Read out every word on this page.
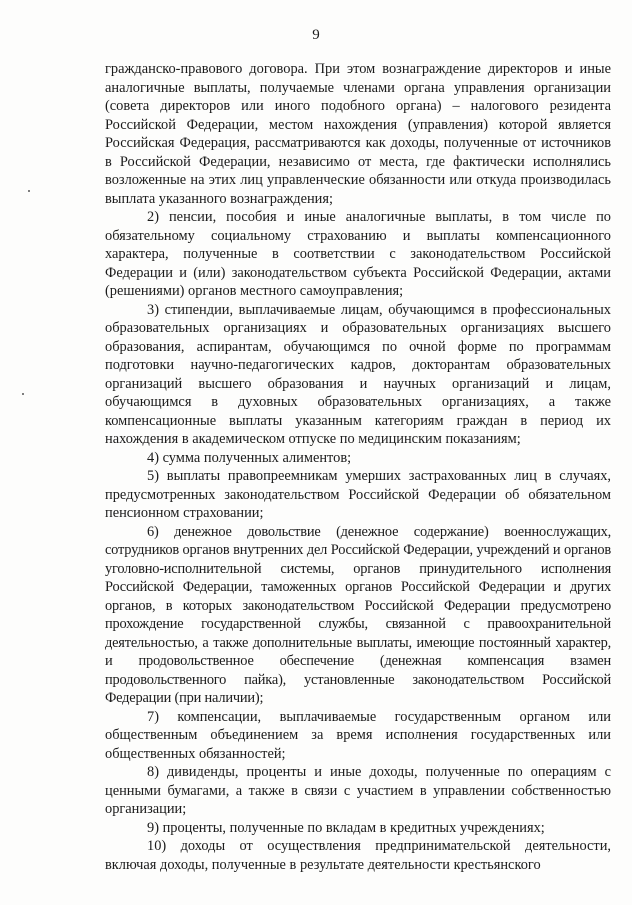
9

гражданско-правового договора. При этом вознаграждение директоров и иные аналогичные выплаты, получаемые членами органа управления организации (совета директоров или иного подобного органа) – налогового резидента Российской Федерации, местом нахождения (управления) которой является Российская Федерация, рассматриваются как доходы, полученные от источников в Российской Федерации, независимо от места, где фактически исполнялись возложенные на этих лиц управленческие обязанности или откуда производилась выплата указанного вознаграждения;

2) пенсии, пособия и иные аналогичные выплаты, в том числе по обязательному социальному страхованию и выплаты компенсационного характера, полученные в соответствии с законодательством Российской Федерации и (или) законодательством субъекта Российской Федерации, актами (решениями) органов местного самоуправления;

3) стипендии, выплачиваемые лицам, обучающимся в профессиональных образовательных организациях и образовательных организациях высшего образования, аспирантам, обучающимся по очной форме по программам подготовки научно-педагогических кадров, докторантам образовательных организаций высшего образования и научных организаций и лицам, обучающимся в духовных образовательных организациях, а также компенсационные выплаты указанным категориям граждан в период их нахождения в академическом отпуске по медицинским показаниям;

4) сумма полученных алиментов;

5) выплаты правопреемникам умерших застрахованных лиц в случаях, предусмотренных законодательством Российской Федерации об обязательном пенсионном страховании;

6) денежное довольствие (денежное содержание) военнослужащих, сотрудников органов внутренних дел Российской Федерации, учреждений и органов уголовно-исполнительной системы, органов принудительного исполнения Российской Федерации, таможенных органов Российской Федерации и других органов, в которых законодательством Российской Федерации предусмотрено прохождение государственной службы, связанной с правоохранительной деятельностью, а также дополнительные выплаты, имеющие постоянный характер, и продовольственное обеспечение (денежная компенсация взамен продовольственного пайка), установленные законодательством Российской Федерации (при наличии);

7) компенсации, выплачиваемые государственным органом или общественным объединением за время исполнения государственных или общественных обязанностей;

8) дивиденды, проценты и иные доходы, полученные по операциям с ценными бумагами, а также в связи с участием в управлении собственностью организации;

9) проценты, полученные по вкладам в кредитных учреждениях;

10) доходы от осуществления предпринимательской деятельности, включая доходы, полученные в результате деятельности крестьянского
